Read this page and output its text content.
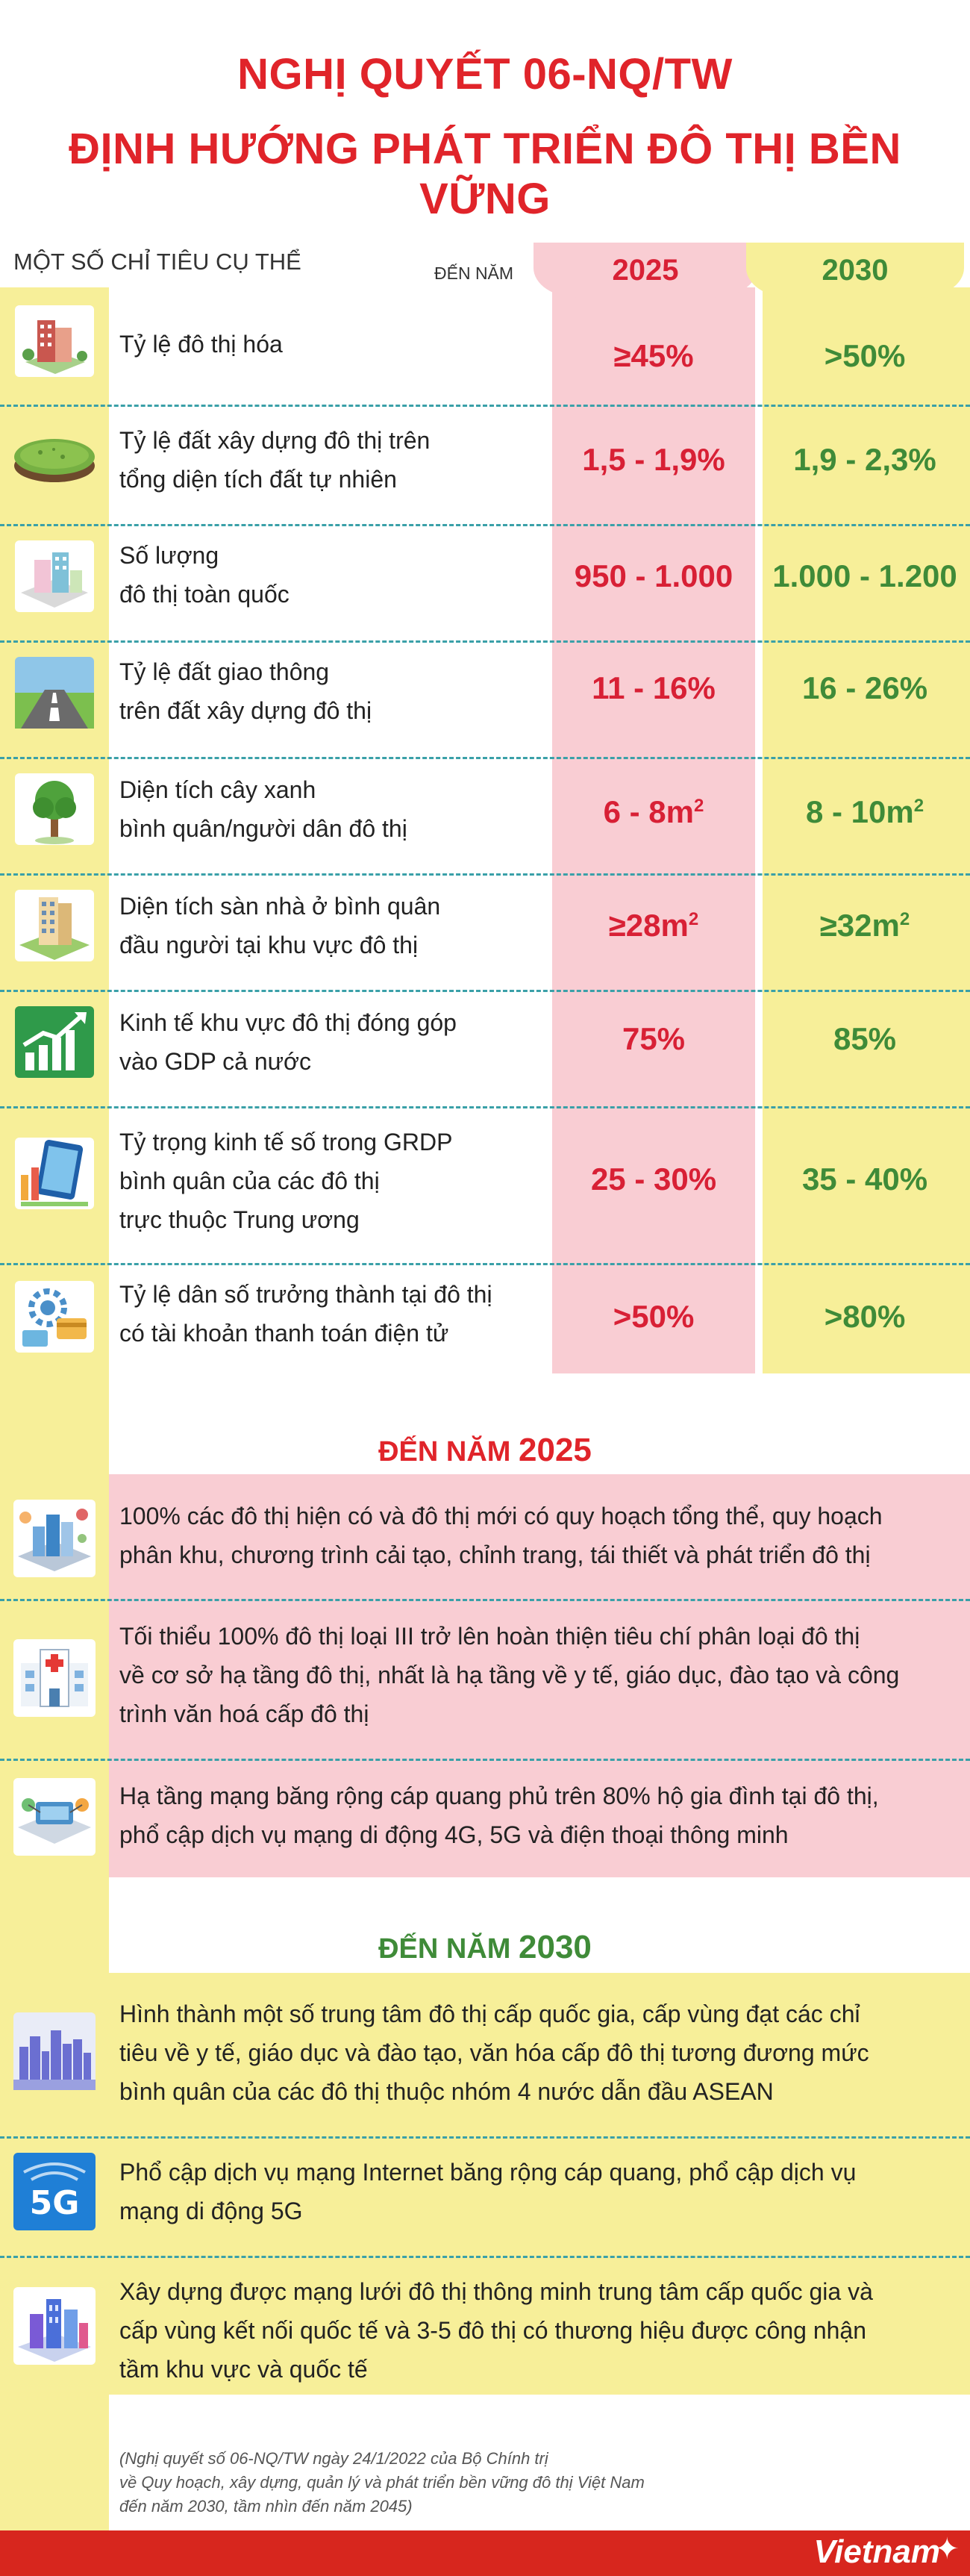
NGHỊ QUYẾT 06-NQ/TW
ĐỊNH HƯỚNG PHÁT TRIỂN ĐÔ THỊ BỀN VỮNG
MỘT SỐ CHỈ TIÊU CỤ THỂ	ĐẾN NĂM	2025	2030
Tỷ lệ đô thị hóa	≥45%	>50%
Tỷ lệ đất xây dựng đô thị trên
tổng diện tích đất tự nhiên
1,5 - 1,9%	1,9 - 2,3%
Số lượng
đô thị toàn quốc
950 - 1.000	1.000 - 1.200
Tỷ lệ đất giao thông
trên đất xây dựng đô thị
11 - 16%	16 - 26%
Diện tích cây xanh
bình quân/người dân đô thị	$6 - 8m^2$	$8 - 10m^2$
Diện tích sàn nhà ở bình quân
đầu người tại khu vực đô thị
$\ge 28m^2$	$\ge 32m^2$
Kinh tế khu vực đô thị đóng góp
vào GDP cả nước
75%	85%
Tỷ trọng kinh tế số trong GRDP
bình quân của các đô thị
trực thuộc Trung ương
25 - 30%	35 - 40%
Tỷ lệ dân số trưởng thành tại đô thị
có tài khoản thanh toán điện tử	>50%	>80%
ĐẾN NĂM 2025
100% các đô thị hiện có và đô thị mới có quy hoạch tổng thể, quy hoạch
phân khu, chương trình cải tạo, chỉnh trang, tái thiết và phát triển đô thị
Tối thiểu 100% đô thị loại III trở lên hoàn thiện tiêu chí phân loại đô thị
về cơ sở hạ tầng đô thị, nhất là hạ tầng về y tế, giáo dục, đào tạo và công
trình văn hoá cấp đô thị
Hạ tầng mạng băng rộng cáp quang phủ trên 80% hộ gia đình tại đô thị,
phổ cập dịch vụ mạng di động 4G, 5G và điện thoại thông minh
ĐẾN NĂM 2030
Hình thành một số trung tâm đô thị cấp quốc gia, cấp vùng đạt các chỉ
tiêu về y tế, giáo dục và đào tạo, văn hóa cấp đô thị tương đương mức
bình quân của các đô thị thuộc nhóm 4 nước dẫn đầu ASEAN
5G
Phổ cập dịch vụ mạng Internet băng rộng cáp quang, phổ cập dịch vụ
mạng di động 5G
Xây dựng được mạng lưới đô thị thông minh trung tâm cấp quốc gia và
cấp vùng kết nối quốc tế và 3-5 đô thị có thương hiệu được công nhận
tầm khu vực và quốc tế
(Nghị quyết số 06-NQ/TW ngày 24/1/2022 của Bộ Chính trị
về Quy hoạch, xây dựng, quản lý và phát triển bền vững đô thị Việt Nam
đến năm 2030, tầm nhìn đến năm 2045)
Vietnam
✦
